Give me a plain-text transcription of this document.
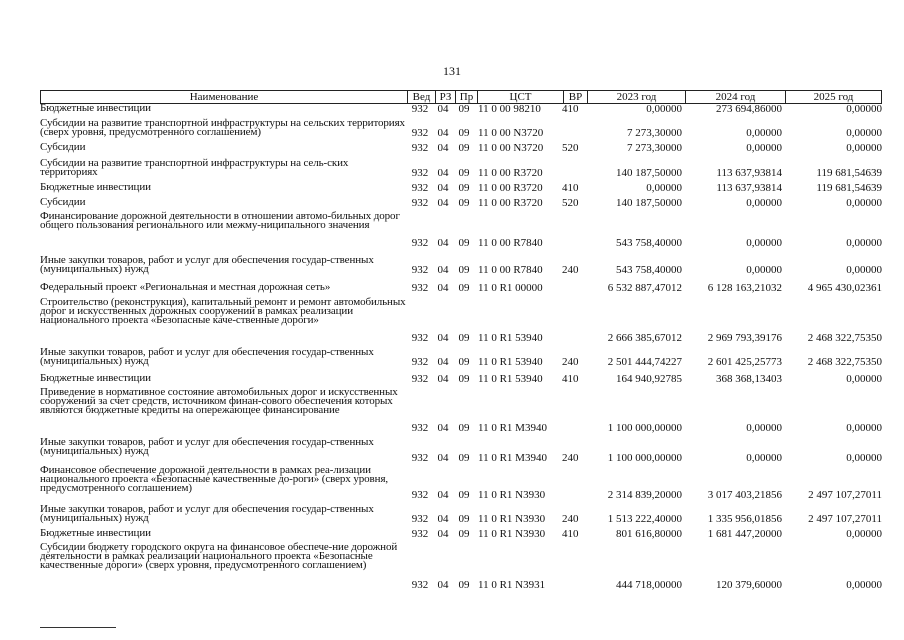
131
Наименование	Вед РЗ Пр	ЦСТ	ВР	2023 год	2024 год	2025 год
Бюджетные инвестиции	932 04 09 11 0 00 98210	410	0,00000	273 694,86000	0,00000
Субсидии на развитие транспортной инфраструктуры на сельских территориях (сверх уровня, предусмотренного соглашением)	932 04 09 11 0 00 N3720	7 273,30000	0,00000	0,00000
Субсидии	932 04 09 11 0 00 N3720	520	7 273,30000	0,00000	0,00000
Субсидии на развитие транспортной инфраструктуры на сель-ских территориях	932 04 09 11 0 00 R3720	140 187,50000	113 637,93814	119 681,54639
Бюджетные инвестиции	932 04 09 11 0 00 R3720	410	0,00000	113 637,93814	119 681,54639
Субсидии	932 04 09 11 0 00 R3720	520	140 187,50000	0,00000	0,00000
Финансирование дорожной деятельности в отношении автомо-бильных дорог общего пользования регионального или межму-ниципального значения
932 04 09 11 0 00 R7840	543 758,40000	0,00000	0,00000
Иные закупки товаров, работ и услуг для обеспечения государ-ственных (муниципальных) нужд	932 04 09 11 0 00 R7840	240	543 758,40000	0,00000	0,00000
Федеральный проект «Региональная и местная дорожная сеть»	932 04 09 11 0 R1 00000	6 532 887,47012	6 128 163,21032	4 965 430,02361
Строительство (реконструкция), капитальный ремонт и ремонт автомобильных дорог и искусственных дорожных сооружений в рамках реализации национального проекта «Безопасные каче-ственные дороги»
932 04 09 11 0 R1 53940	2 666 385,67012	2 969 793,39176	2 468 322,75350
Иные закупки товаров, работ и услуг для обеспечения государ-ственных (муниципальных) нужд	932 04 09 11 0 R1 53940	240	2 501 444,74227	2 601 425,25773	2 468 322,75350
Бюджетные инвестиции	932 04 09 11 0 R1 53940	410	164 940,92785	368 368,13403	0,00000
Приведение в нормативное состояние автомобильных дорог и искусственных сооружений за счет средств, источником финан-сового обеспечения которых являются бюджетные кредиты на опережающее финансирование
932 04 09 11 0 R1 M3940	1 100 000,00000	0,00000	0,00000
Иные закупки товаров, работ и услуг для обеспечения государ-ственных (муниципальных) нужд
932 04 09 11 0 R1 M3940	240	1 100 000,00000	0,00000	0,00000
Финансовое обеспечение дорожной деятельности в рамках реа-лизации национального проекта «Безопасные качественные до-роги» (сверх уровня, предусмотренного соглашением)
932 04 09 11 0 R1 N3930	2 314 839,20000	3 017 403,21856	2 497 107,27011
Иные закупки товаров, работ и услуг для обеспечения государ-ственных (муниципальных) нужд	932 04 09 11 0 R1 N3930	240	1 513 222,40000	1 335 956,01856	2 497 107,27011
Бюджетные инвестиции	932 04 09 11 0 R1 N3930	410	801 616,80000	1 681 447,20000	0,00000
Субсидии бюджету городского округа на финансовое обеспече-ние дорожной деятельности в рамках реализации национального проекта «Безопасные качественные дороги» (сверх уровня, предусмотренного соглашением)
932 04 09 11 0 R1 N3931	444 718,00000	120 379,60000	0,00000
